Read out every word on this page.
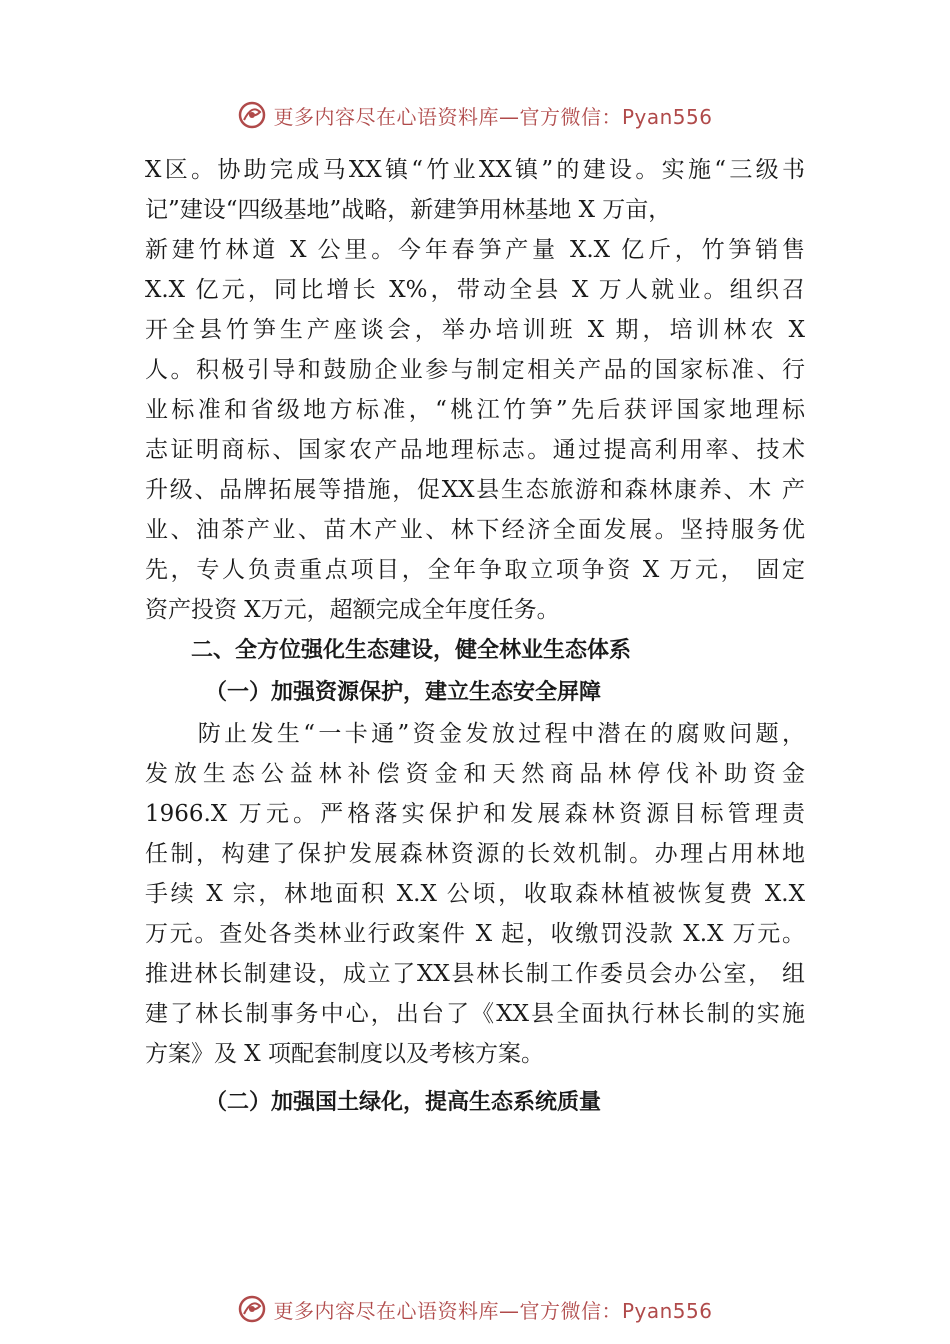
更多内容尽在心语资料库—官方微信：Pyan556
X区。协助完成马XX镇“竹业XX镇”的建设。实施“三级书
记”建设“四级基地”战略，新建笋用林基地 X 万亩，
新建竹林道 X 公里。今年春笋产量 X.X 亿斤，竹笋销售
X.X 亿元，同比增长 X%，带动全县 X 万人就业。组织召
开全县竹笋生产座谈会，举办培训班 X 期，培训林农 X
人。积极引导和鼓励企业参与制定相关产品的国家标准、行
业标准和省级地方标准，“桃江竹笋”先后获评国家地理标
志证明商标、国家农产品地理标志。通过提高利用率、技术
升级、品牌拓展等措施，促XX县生态旅游和森林康养、木 产
业、油茶产业、苗木产业、林下经济全面发展。坚持服务优
先，专人负责重点项目，全年争取立项争资 X 万元， 固定
资产投资 X万元，超额完成全年度任务。
二、全方位强化生态建设，健全林业生态体系
（一）加强资源保护，建立生态安全屏障
　　防止发生“一卡通”资金发放过程中潜在的腐败问题，
发放生态公益林补偿资金和天然商品林停伐补助资金
1966.X 万元。严格落实保护和发展森林资源目标管理责
任制，构建了保护发展森林资源的长效机制。办理占用林地
手续 X 宗，林地面积 X.X 公顷，收取森林植被恢复费 X.X
万元。查处各类林业行政案件 X 起，收缴罚没款 X.X 万元。
推进林长制建设，成立了XX县林长制工作委员会办公室， 组
建了林长制事务中心，出台了《XX县全面执行林长制的实施
方案》及 X 项配套制度以及考核方案。
（二）加强国土绿化，提高生态系统质量
更多内容尽在心语资料库—官方微信：Pyan556
